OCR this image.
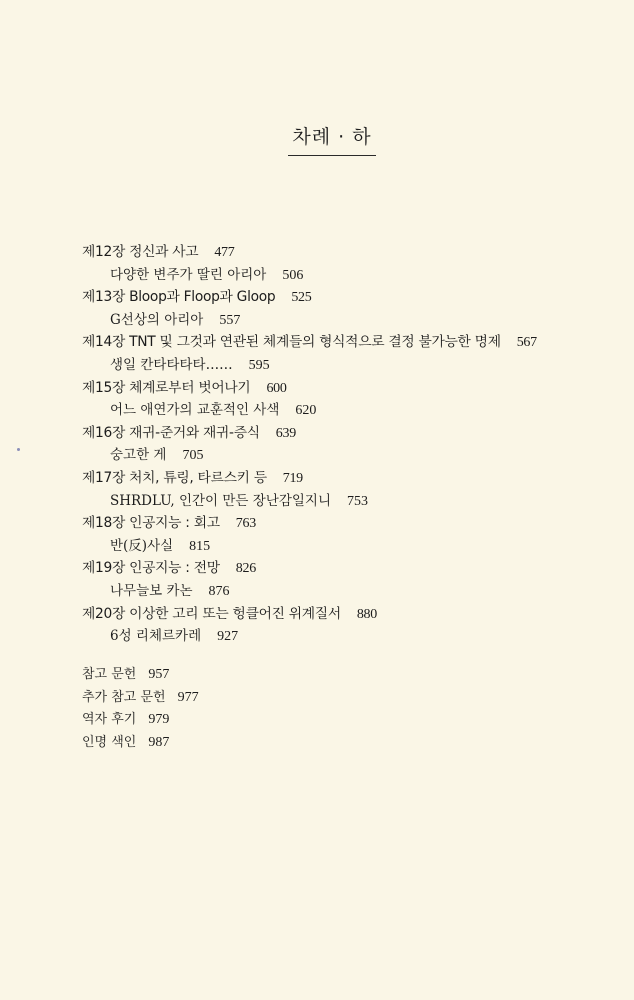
차례 · 하
제12장 정신과 사고 477
다양한 변주가 딸린 아리아 506
제13장 Bloop과 Floop과 Gloop 525
G선상의 아리아 557
제14장 TNT 및 그것과 연관된 체계들의 형식적으로 결정 불가능한 명제 567
생일 칸타타타타…… 595
제15장 체계로부터 벗어나기 600
어느 애연가의 교훈적인 사색 620
제16장 재귀-준거와 재귀-증식 639
숭고한 게 705
제17장 처치, 튜링, 타르스키 등 719
SHRDLU, 인간이 만든 장난감일지니 753
제18장 인공지능 : 회고 763
반(反)사실 815
제19장 인공지능 : 전망 826
나무늘보 카논 876
제20장 이상한 고리 또는 헝클어진 위계질서 880
6성 리체르카레 927
참고 문헌 957
추가 참고 문헌 977
역자 후기 979
인명 색인 987
